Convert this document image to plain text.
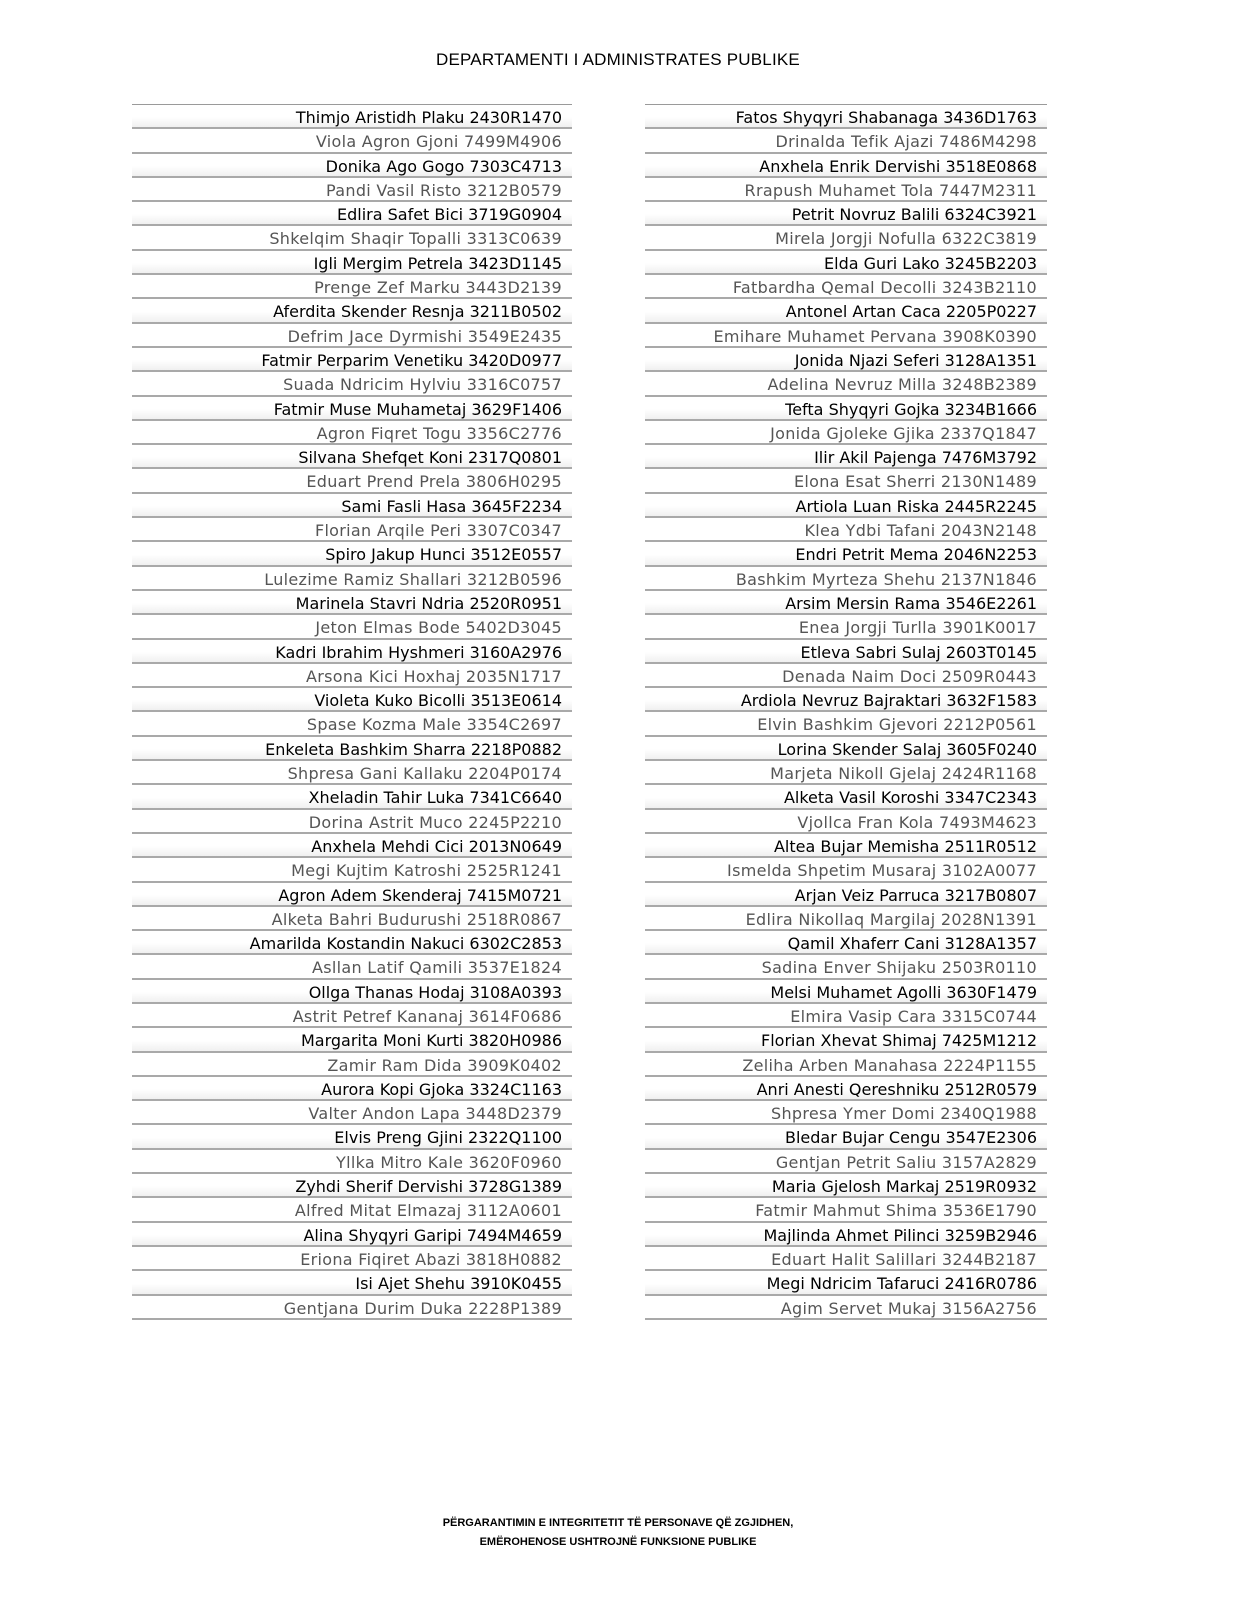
DEPARTAMENTI I ADMINISTRATES PUBLIKE
Thimjo Aristidh Plaku 2430R1470
Viola Agron Gjoni 7499M4906
Donika Ago Gogo 7303C4713
Pandi Vasil Risto 3212B0579
Edlira Safet Bici 3719G0904
Shkelqim Shaqir Topalli 3313C0639
Igli Mergim Petrela 3423D1145
Prenge Zef Marku 3443D2139
Aferdita Skender Resnja 3211B0502
Defrim Jace Dyrmishi 3549E2435
Fatmir Perparim Venetiku 3420D0977
Suada Ndricim Hylviu 3316C0757
Fatmir Muse Muhametaj 3629F1406
Agron Fiqret Togu 3356C2776
Silvana Shefqet Koni 2317Q0801
Eduart Prend Prela 3806H0295
Sami Fasli Hasa 3645F2234
Florian Arqile Peri 3307C0347
Spiro Jakup Hunci 3512E0557
Lulezime Ramiz Shallari 3212B0596
Marinela Stavri Ndria 2520R0951
Jeton Elmas Bode 5402D3045
Kadri Ibrahim Hyshmeri 3160A2976
Arsona Kici Hoxhaj 2035N1717
Violeta Kuko Bicolli 3513E0614
Spase Kozma Male 3354C2697
Enkeleta Bashkim Sharra 2218P0882
Shpresa Gani Kallaku 2204P0174
Xheladin Tahir Luka 7341C6640
Dorina Astrit Muco 2245P2210
Anxhela Mehdi Cici 2013N0649
Megi Kujtim Katroshi 2525R1241
Agron Adem Skenderaj 7415M0721
Alketa Bahri Budurushi 2518R0867
Amarilda Kostandin Nakuci 6302C2853
Asllan Latif Qamili 3537E1824
Ollga Thanas Hodaj 3108A0393
Astrit Petref Kananaj 3614F0686
Margarita Moni Kurti 3820H0986
Zamir Ram Dida 3909K0402
Aurora Kopi Gjoka 3324C1163
Valter Andon Lapa 3448D2379
Elvis Preng Gjini 2322Q1100
Yllka Mitro Kale 3620F0960
Zyhdi Sherif Dervishi 3728G1389
Alfred Mitat Elmazaj 3112A0601
Alina Shyqyri Garipi 7494M4659
Eriona Fiqiret Abazi 3818H0882
Isi Ajet Shehu 3910K0455
Gentjana Durim Duka 2228P1389
Fatos Shyqyri Shabanaga 3436D1763
Drinalda Tefik Ajazi 7486M4298
Anxhela Enrik Dervishi 3518E0868
Rrapush Muhamet Tola 7447M2311
Petrit Novruz Balili 6324C3921
Mirela Jorgji Nofulla 6322C3819
Elda Guri Lako 3245B2203
Fatbardha Qemal Decolli 3243B2110
Antonel Artan Caca 2205P0227
Emihare Muhamet Pervana 3908K0390
Jonida Njazi Seferi 3128A1351
Adelina Nevruz Milla 3248B2389
Tefta Shyqyri Gojka 3234B1666
Jonida Gjoleke Gjika 2337Q1847
Ilir Akil Pajenga 7476M3792
Elona Esat Sherri 2130N1489
Artiola Luan Riska 2445R2245
Klea Ydbi Tafani 2043N2148
Endri Petrit Mema 2046N2253
Bashkim Myrteza Shehu 2137N1846
Arsim Mersin Rama 3546E2261
Enea Jorgji Turlla 3901K0017
Etleva Sabri Sulaj 2603T0145
Denada Naim Doci 2509R0443
Ardiola Nevruz Bajraktari 3632F1583
Elvin Bashkim Gjevori 2212P0561
Lorina Skender Salaj 3605F0240
Marjeta Nikoll Gjelaj 2424R1168
Alketa Vasil Koroshi 3347C2343
Vjollca Fran Kola 7493M4623
Altea Bujar Memisha 2511R0512
Ismelda Shpetim Musaraj 3102A0077
Arjan Veiz Parruca 3217B0807
Edlira Nikollaq Margilaj 2028N1391
Qamil Xhaferr Cani 3128A1357
Sadina Enver Shijaku 2503R0110
Melsi Muhamet Agolli 3630F1479
Elmira Vasip Cara 3315C0744
Florian Xhevat Shimaj 7425M1212
Zeliha Arben Manahasa 2224P1155
Anri Anesti Qereshniku 2512R0579
Shpresa Ymer Domi 2340Q1988
Bledar Bujar Cengu 3547E2306
Gentjan Petrit Saliu 3157A2829
Maria Gjelosh Markaj 2519R0932
Fatmir Mahmut Shima 3536E1790
Majlinda Ahmet Pilinci 3259B2946
Eduart Halit Salillari 3244B2187
Megi Ndricim Tafaruci 2416R0786
Agim Servet Mukaj 3156A2756
PËRGARANTIMIN E INTEGRITETIT TË PERSONAVE QË ZGJIDHEN,
EMËROHENOSE USHTROJNË FUNKSIONE PUBLIKE
